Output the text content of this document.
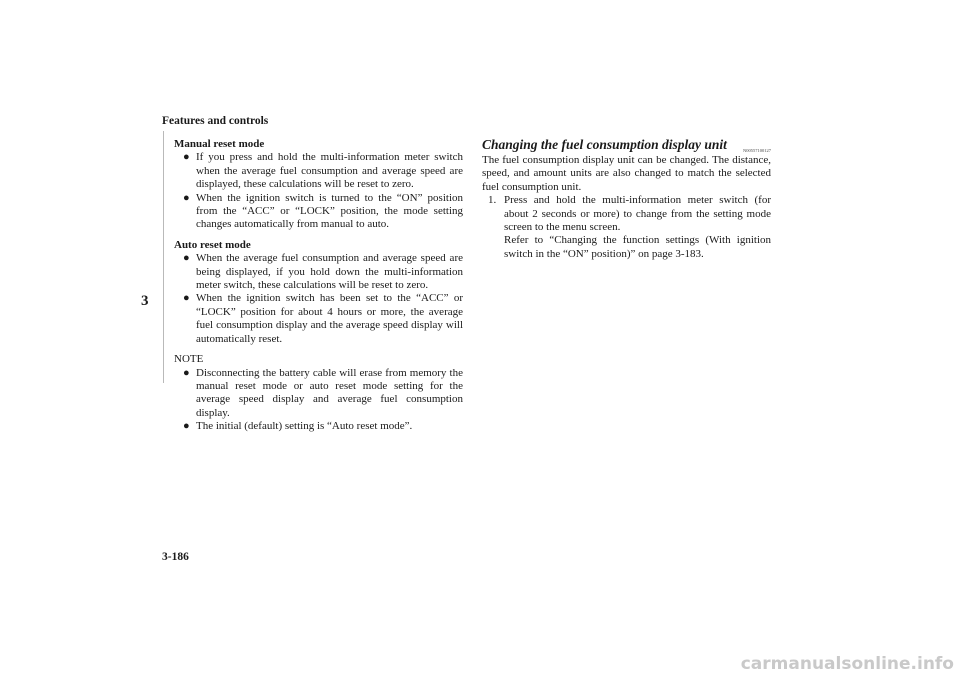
Features and controls
3
Manual reset mode
● If you press and hold the multi-information meter switch when the average fuel consumption and average speed are displayed, these calculations will be reset to zero.
● When the ignition switch is turned to the “ON” position from the “ACC” or “LOCK” position, the mode setting changes automatically from manual to auto.
Auto reset mode
● When the average fuel consumption and average speed are being displayed, if you hold down the multi-information meter switch, these calculations will be reset to zero.
● When the ignition switch has been set to the “ACC” or “LOCK” position for about 4 hours or more, the average fuel consumption display and the average speed display will automatically reset.
NOTE
● Disconnecting the battery cable will erase from memory the manual reset mode or auto reset mode setting for the average speed display and average fuel consumption display.
● The initial (default) setting is “Auto reset mode”.
Changing the fuel consumption display unit	N00557100127
The fuel consumption display unit can be changed. The distance, speed, and amount units are also changed to match the selected fuel consumption unit.
1. Press and hold the multi-information meter switch (for about 2 seconds or more) to change from the setting mode screen to the menu screen.
Refer to “Changing the function settings (With ignition switch in the “ON” position)” on page 3-183.
3-186
carmanualsonline.info
